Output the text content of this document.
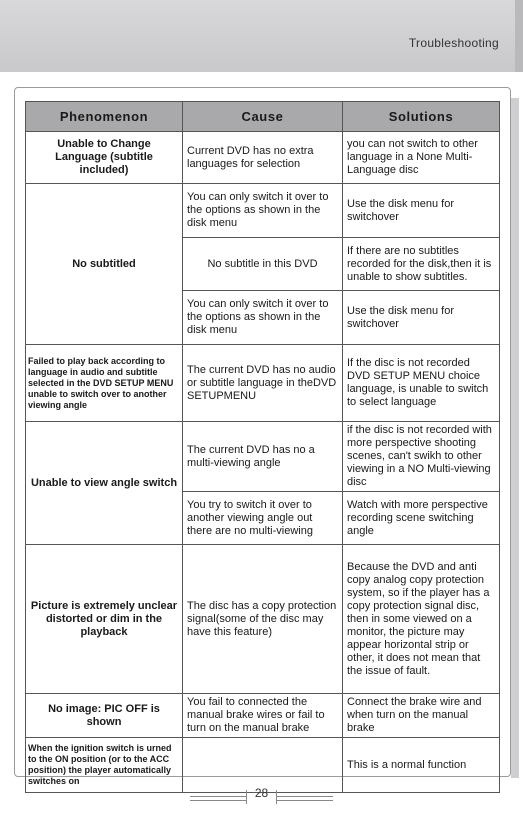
Troubleshooting
Phenomenon	Cause	Solutions
Unable to Change Language (subtitle included)	Current DVD has no extra languages for selection	you can not switch to other language in a None Multi-Language disc
No subtitled	You can only switch it over to the options as shown in the disk menu	Use the disk menu for switchover
	No subtitle in this DVD	If there are no subtitles recorded for the disk,then it is unable to show subtitles.
	You can only switch it over to the options as shown in the disk menu	Use the disk menu for switchover
Failed to play back according to language in audio and subtitle selected in the DVD SETUP MENU unable to switch over to another viewing angle	The current DVD has no audio or subtitle language in theDVD SETUPMENU	If the disc is not recorded DVD SETUP MENU choice language, is unable to switch to select language
Unable to view angle switch	The current DVD has no a multi-viewing angle	if the disc is not recorded with more perspective shooting scenes, can't swikh to other viewing in a NO Multi-viewing disc
	You try to switch it over to another viewing angle out there are no multi-viewing	Watch with more perspective recording scene switching angle
Picture is extremely unclear distorted or dim in the playback	The disc has a copy protection signal(some of the disc may have this feature)	Because the DVD and anti copy analog copy protection system, so if the player has a copy protection signal disc, then in some viewed on a monitor, the picture may appear horizontal strip or other, it does not mean that the issue of fault.
No image: PIC OFF is shown	You fail to connected the manual brake wires or fail to turn on the manual brake	Connect the brake wire and when turn on the manual brake
When the ignition switch is urned to the ON position (or to the ACC position) the player automatically switches on		This is a normal function
28
